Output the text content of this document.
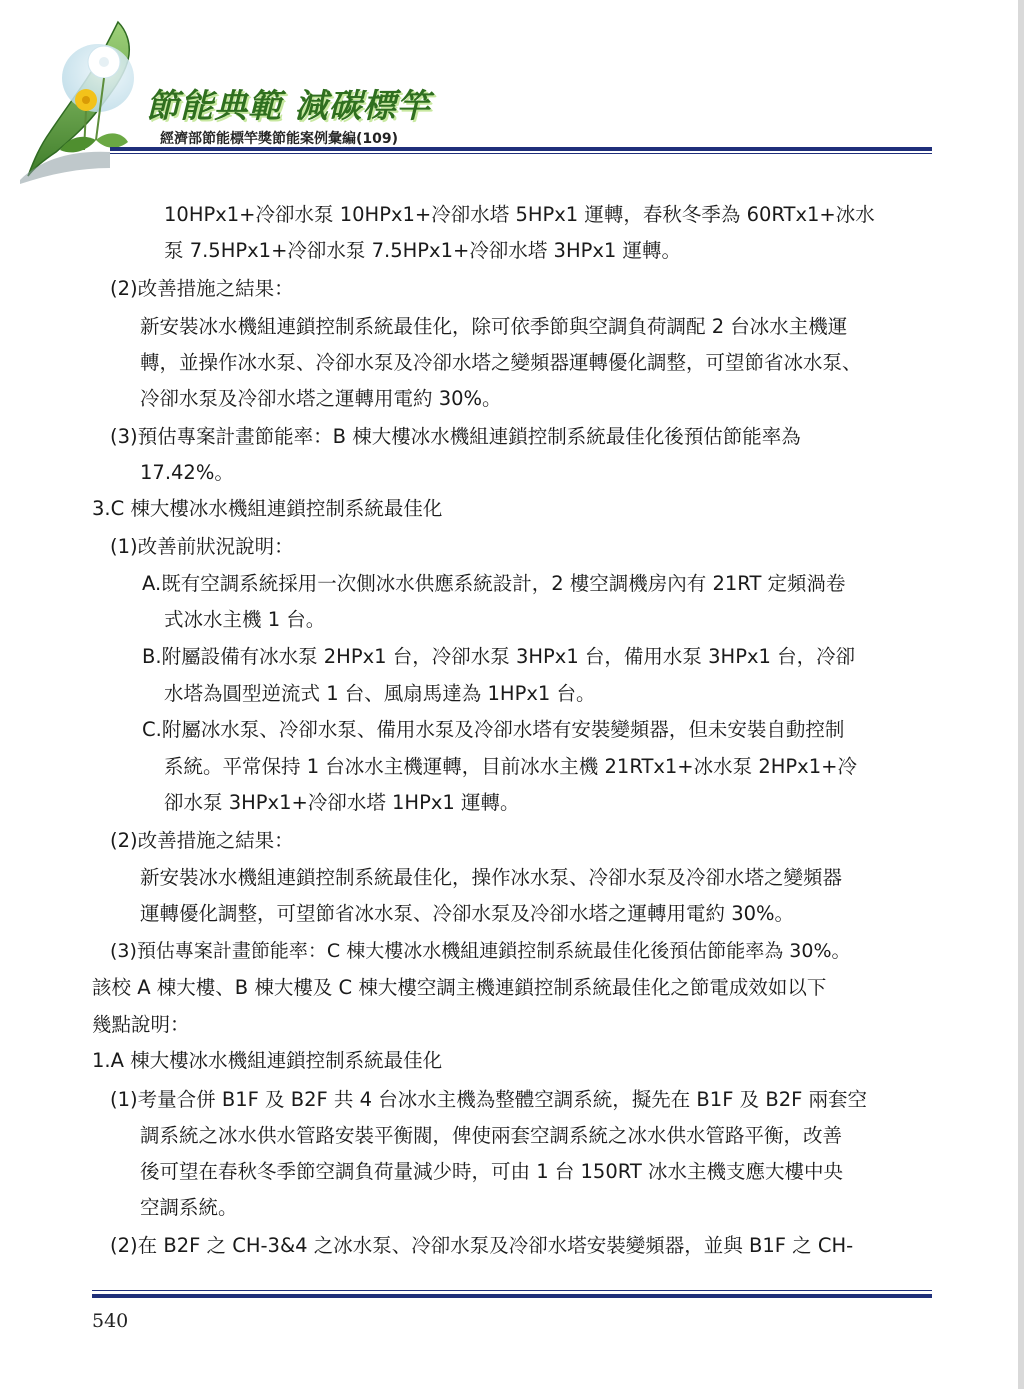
節能典範 減碳標竿
經濟部節能標竿獎節能案例彙編(109)
10HPx1+冷卻水泵 10HPx1+冷卻水塔 5HPx1 運轉，春秋冬季為 60RTx1+冰水
泵 7.5HPx1+冷卻水泵 7.5HPx1+冷卻水塔 3HPx1 運轉。
(2)改善措施之結果：
新安裝冰水機組連鎖控制系統最佳化，除可依季節與空調負荷調配 2 台冰水主機運
轉，並操作冰水泵、冷卻水泵及冷卻水塔之變頻器運轉優化調整，可望節省冰水泵、
冷卻水泵及冷卻水塔之運轉用電約 30%。
(3)預估專案計畫節能率：B 棟大樓冰水機組連鎖控制系統最佳化後預估節能率為
17.42%。
3.C 棟大樓冰水機組連鎖控制系統最佳化
(1)改善前狀況說明：
A.既有空調系統採用一次側冰水供應系統設計，2 樓空調機房內有 21RT 定頻渦卷
式冰水主機 1 台。
B.附屬設備有冰水泵 2HPx1 台，冷卻水泵 3HPx1 台，備用水泵 3HPx1 台，冷卻
水塔為圓型逆流式 1 台、風扇馬達為 1HPx1 台。
C.附屬冰水泵、冷卻水泵、備用水泵及冷卻水塔有安裝變頻器，但未安裝自動控制
系統。平常保持 1 台冰水主機運轉，目前冰水主機 21RTx1+冰水泵 2HPx1+冷
卻水泵 3HPx1+冷卻水塔 1HPx1 運轉。
(2)改善措施之結果：
新安裝冰水機組連鎖控制系統最佳化，操作冰水泵、冷卻水泵及冷卻水塔之變頻器
運轉優化調整，可望節省冰水泵、冷卻水泵及冷卻水塔之運轉用電約 30%。
(3)預估專案計畫節能率：C 棟大樓冰水機組連鎖控制系統最佳化後預估節能率為 30%。
該校 A 棟大樓、B 棟大樓及 C 棟大樓空調主機連鎖控制系統最佳化之節電成效如以下
幾點說明：
1.A 棟大樓冰水機組連鎖控制系統最佳化
(1)考量合併 B1F 及 B2F 共 4 台冰水主機為整體空調系統，擬先在 B1F 及 B2F 兩套空
調系統之冰水供水管路安裝平衡閥，俾使兩套空調系統之冰水供水管路平衡，改善
後可望在春秋冬季節空調負荷量減少時，可由 1 台 150RT 冰水主機支應大樓中央
空調系統。
(2)在 B2F 之 CH-3&4 之冰水泵、冷卻水泵及冷卻水塔安裝變頻器，並與 B1F 之 CH-
540
